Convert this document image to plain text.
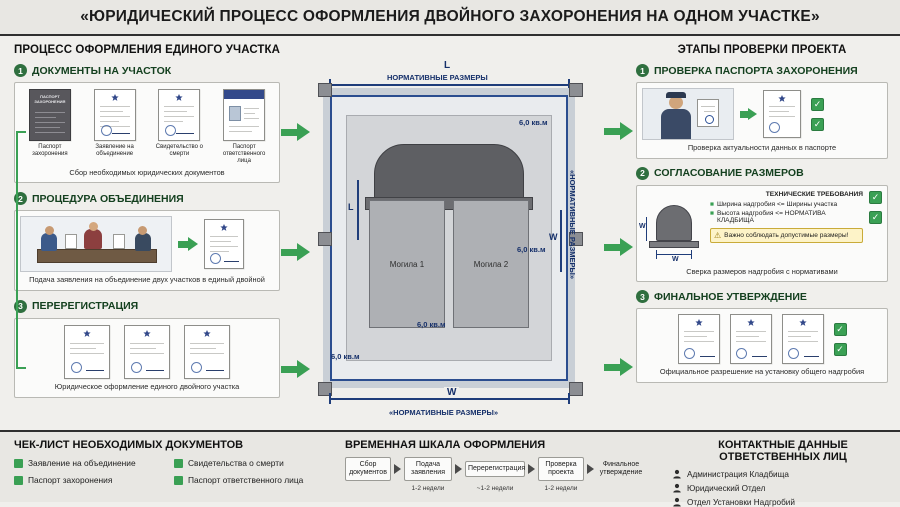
«ЮРИДИЧЕСКИЙ ПРОЦЕСС ОФОРМЛЕНИЯ ДВОЙНОГО ЗАХОРОНЕНИЯ НА ОДНОМ УЧАСТКЕ»
ПРОЦЕСС ОФОРМЛЕНИЯ ЕДИНОГО УЧАСТКА
1 ДОКУМЕНТЫ НА УЧАСТОК
ПАСПОРТ ЗАХОРОНЕНИЯ
Паспорт захоронения
Заявление на объединение
Свидетельство о смерти
Паспорт ответственного лица
Сбор необходимых юридических документов
2 ПРОЦЕДУРА ОБЪЕДИНЕНИЯ
Подача заявления на объединение двух участков в единый двойной
3 ПЕРЕРЕГИСТРАЦИЯ
Юридическое оформление единого двойного участка
L
НОРМАТИВНЫЕ РАЗМЕРЫ
Могила 1	Могила 2
6,0 кв.м
6,0 кв.м
6,0 кв.м
6,0 кв.м
L
W «НОРМАТИВНЫЕ РАЗМЕРЫ»
W
«НОРМАТИВНЫЕ РАЗМЕРЫ»
ЭТАПЫ ПРОВЕРКИ ПРОЕКТА
1 ПРОВЕРКА ПАСПОРТА ЗАХОРОНЕНИЯ
✓
✓
Проверка актуальности данных в паспорте
2 СОГЛАСОВАНИЕ РАЗМЕРОВ
W
W
ТЕХНИЧЕСКИЕ ТРЕБОВАНИЯ
■ Ширина надгробия <= Ширины участка
■ Высота надгробия <= НОРМАТИВА КЛАДБИЩА
⚠ Важно соблюдать допустимые размеры!
✓
✓
Сверка размеров надгробия с нормативами
3 ФИНАЛЬНОЕ УТВЕРЖДЕНИЕ
✓
✓
Официальное разрешение на установку общего надгробия
ЧЕК-ЛИСТ НЕОБХОДИМЫХ ДОКУМЕНТОВ
Заявление на объединение	Свидетельства о смерти
Паспорт захоронения	Паспорт ответственного лица
ВРЕМЕННАЯ ШКАЛА ОФОРМЛЕНИЯ
Сбор документов
Подача заявления
Перерегистрация
Проверка проекта
Финальное утверждение
1-2 недели	~1-2 недели	1-2 недели
КОНТАКТНЫЕ ДАННЫЕ ОТВЕТСТВЕННЫХ ЛИЦ
Администрация Кладбища
Юридический Отдел
Отдел Установки Надгробий
